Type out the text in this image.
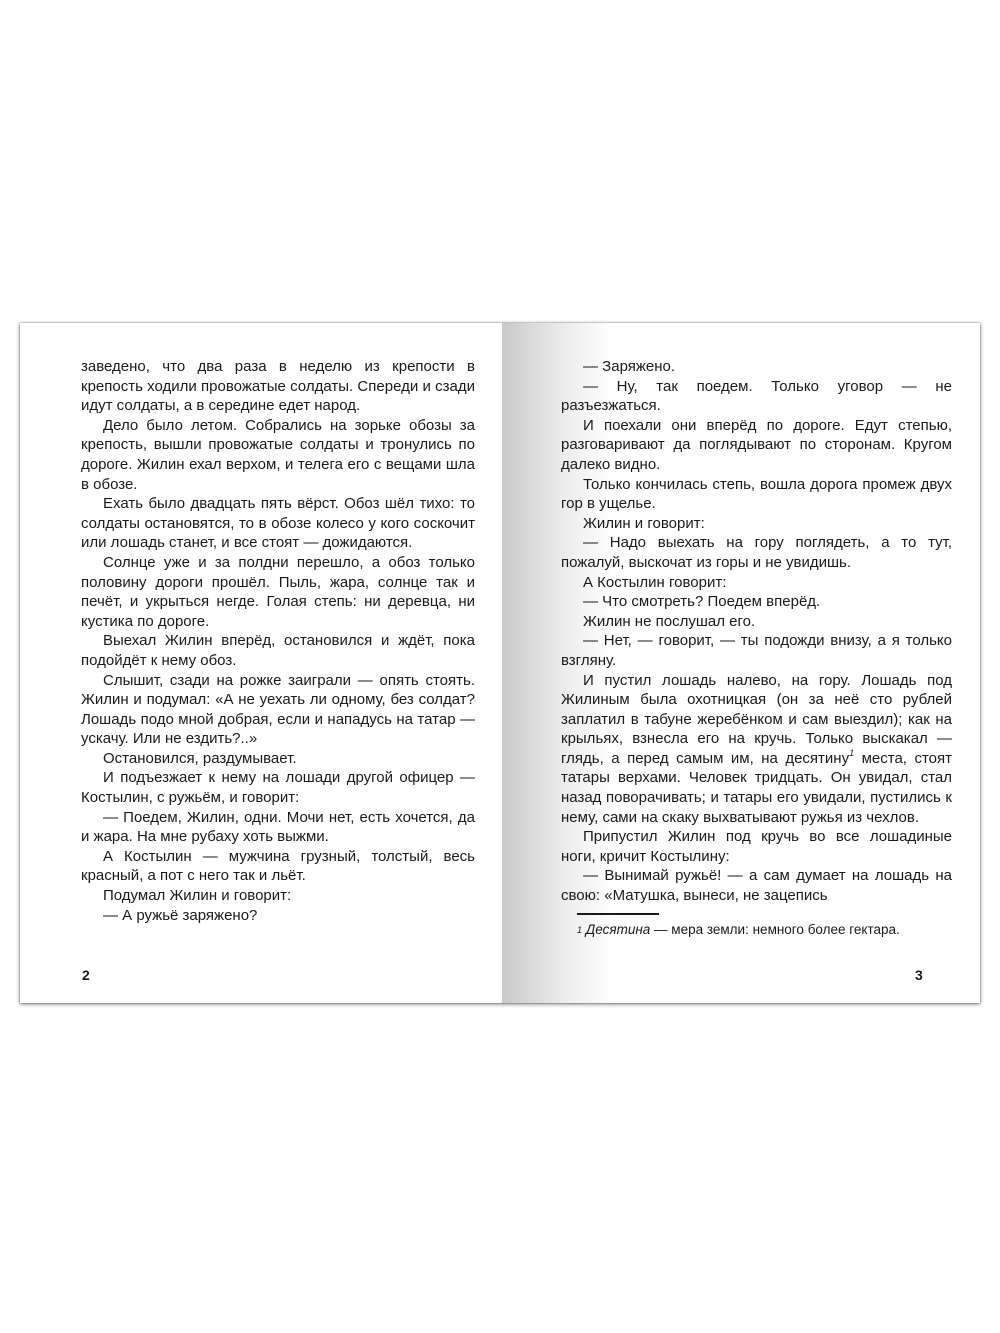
заведено, что два раза в неделю из крепости в крепость ходили провожатые солдаты. Спереди и сзади идут солдаты, а в середине едет народ.

Дело было летом. Собрались на зорьке обозы за крепость, вышли провожатые солдаты и тронулись по дороге. Жилин ехал верхом, и телега его с вещами шла в обозе.

Ехать было двадцать пять вёрст. Обоз шёл тихо: то солдаты остановятся, то в обозе колесо у кого соскочит или лошадь станет, и все стоят — дожидаются.

Солнце уже и за полдни перешло, а обоз только половину дороги прошёл. Пыль, жара, солнце так и печёт, и укрыться негде. Голая степь: ни деревца, ни кустика по дороге.

Выехал Жилин вперёд, остановился и ждёт, пока подойдёт к нему обоз.

Слышит, сзади на рожке заиграли — опять стоять. Жилин и подумал: «А не уехать ли одному, без солдат? Лошадь подо мной добрая, если и нападусь на татар — ускачу. Или не ездить?..»

Остановился, раздумывает.

И подъезжает к нему на лошади другой офицер — Костылин, с ружьём, и говорит:

— Поедем, Жилин, одни. Мочи нет, есть хочется, да и жара. На мне рубаху хоть выжми.

А Костылин — мужчина грузный, толстый, весь красный, а пот с него так и льёт.

Подумал Жилин и говорит:

— А ружьё заряжено?

— Заряжено.

— Ну, так поедем. Только уговор — не разъезжаться.

И поехали они вперёд по дороге. Едут степью, разговаривают да поглядывают по сторонам. Кругом далеко видно.

Только кончилась степь, вошла дорога промеж двух гор в ущелье.

Жилин и говорит:

— Надо выехать на гору поглядеть, а то тут, пожалуй, выскочат из горы и не увидишь.

А Костылин говорит:

— Что смотреть? Поедем вперёд.

Жилин не послушал его.

— Нет, — говорит, — ты подожди внизу, а я только взгляну.

И пустил лошадь налево, на гору. Лошадь под Жилиным была охотницкая (он за неё сто рублей заплатил в табуне жеребёнком и сам выездил); как на крыльях, взнесла его на кручь. Только выскакал — глядь, а перед самым им, на десятину$^1$ места, стоят татары верхами. Человек тридцать. Он увидал, стал назад поворачивать; и татары его увидали, пустились к нему, сами на скаку выхватывают ружья из чехлов.

Припустил Жилин под кручь во все лошадиные ноги, кричит Костылину:

— Вынимай ружьё! — а сам думает на лошадь на свою: «Матушка, вынеси, не зацепись

$^1$ Десятина — мера земли: немного более гектара.
2	3
